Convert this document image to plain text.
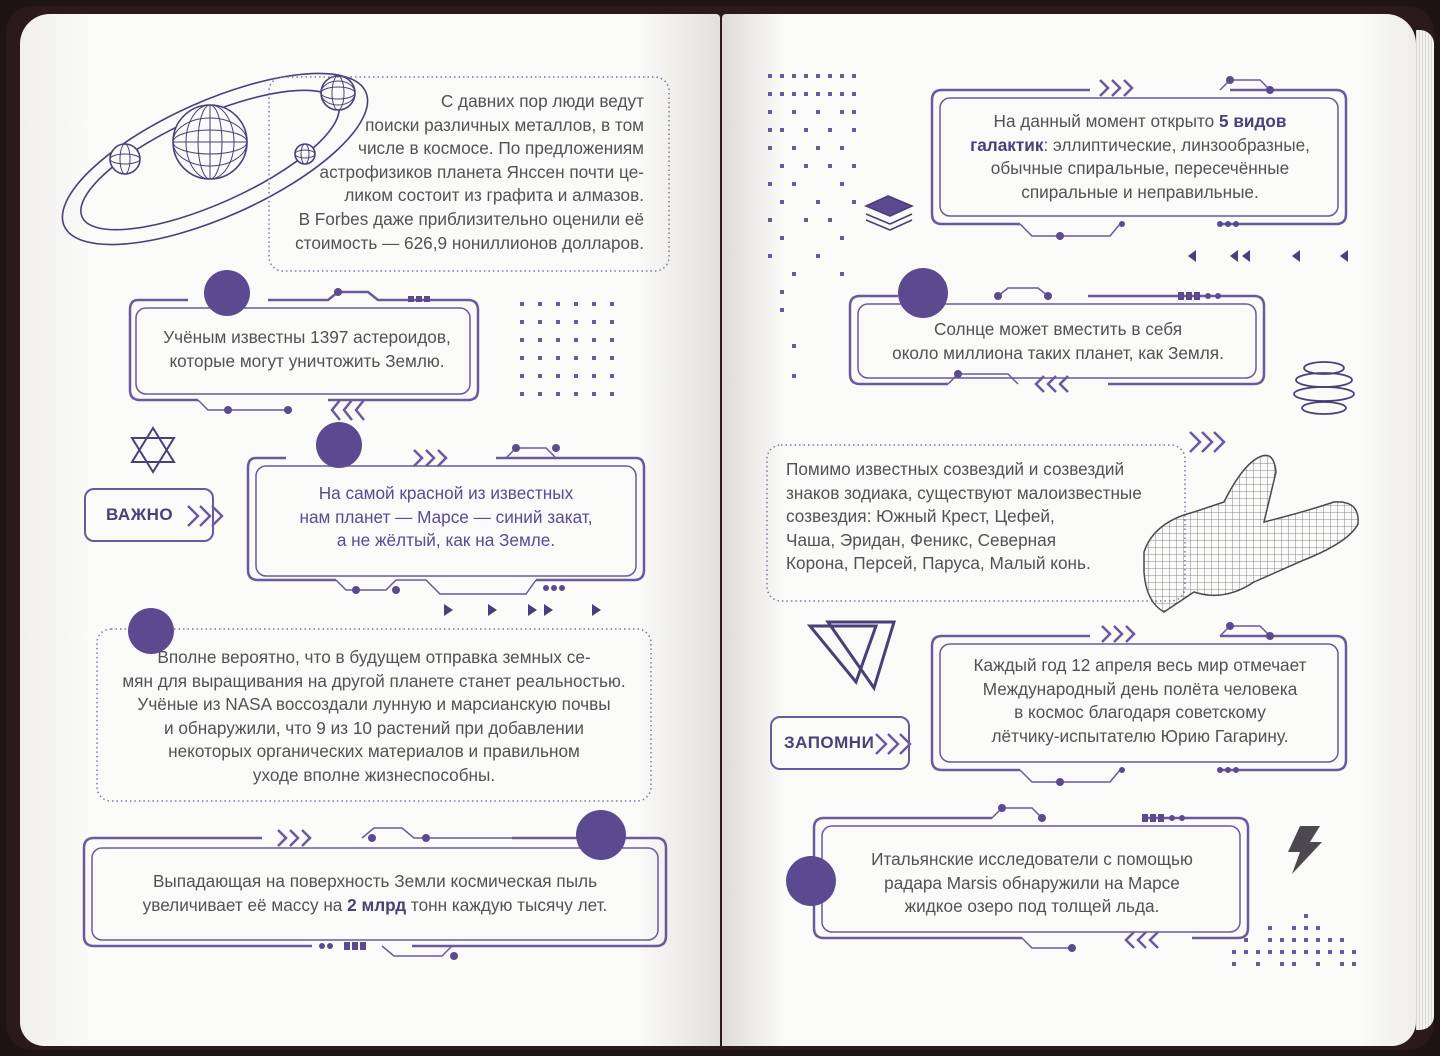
С давних пор люди ведут
поиски различных металлов, в том
числе в космосе. По предложениям
астрофизиков планета Янссен почти це-
ликом состоит из графита и алмазов.
В Forbes даже приблизительно оценили её
стоимость — 626,9 нониллионов долларов.
Учёным известны 1397 астероидов,
которые могут уничтожить Землю.
ВАЖНО
На самой красной из известных
нам планет — Марсе — синий закат,
а не жёлтый, как на Земле.
Вполне вероятно, что в будущем отправка земных се-
мян для выращивания на другой планете станет реальностью.
Учёные из NASA воссоздали лунную и марсианскую почвы
и обнаружили, что 9 из 10 растений при добавлении
некоторых органических материалов и правильном
уходе вполне жизнеспособны.
Выпадающая на поверхность Земли космическая пыль
увеличивает её массу на 2 млрд тонн каждую тысячу лет.
На данный момент открыто 5 видов
галактик: эллиптические, линзообразные,
обычные спиральные, пересечённые
спиральные и неправильные.
Солнце может вместить в себя
около миллиона таких планет, как Земля.
Помимо известных созвездий и созвездий
знаков зодиака, существуют малоизвестные
созвездия: Южный Крест, Цефей,
Чаша, Эридан, Феникс, Северная
Корона, Персей, Паруса, Малый конь.
ЗАПОМНИ
Каждый год 12 апреля весь мир отмечает
Международный день полёта человека
в космос благодаря советскому
лётчику-испытателю Юрию Гагарину.
Итальянские исследователи с помощью
радара Marsis обнаружили на Марсе
жидкое озеро под толщей льда.
